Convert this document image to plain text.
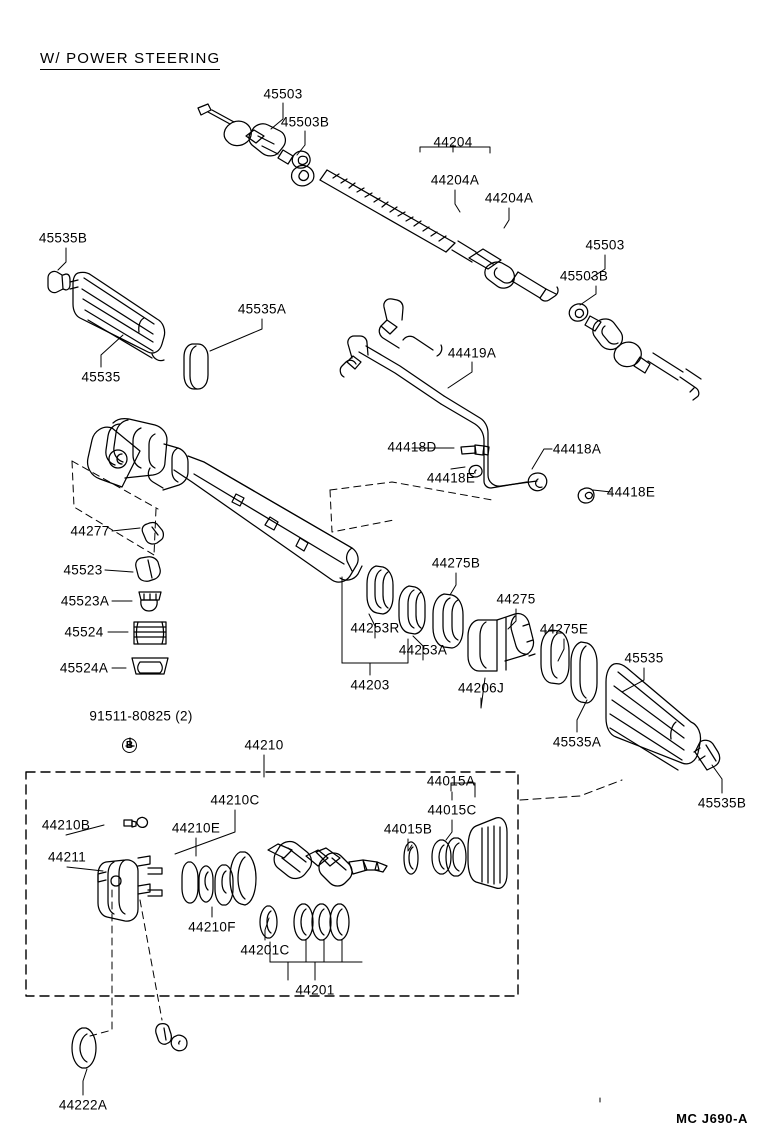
W/ POWER STEERING
B
45503
45503B
44204
44204A
44204A
45535B	45503
45535A
45503B
45535
44419A
44418D	44418A
44418E
44418E
44277
45523	44275B
45523A	44275
45524	44253R	44275E
45524A
44253A
45535
44203	44206J
45535A
91511-80825 (2)
44210
44015A
45535B
44015C
44210C
44015B
44210B	44210E
44211
44210F
44201C
44201
44222A
MC J690-A
